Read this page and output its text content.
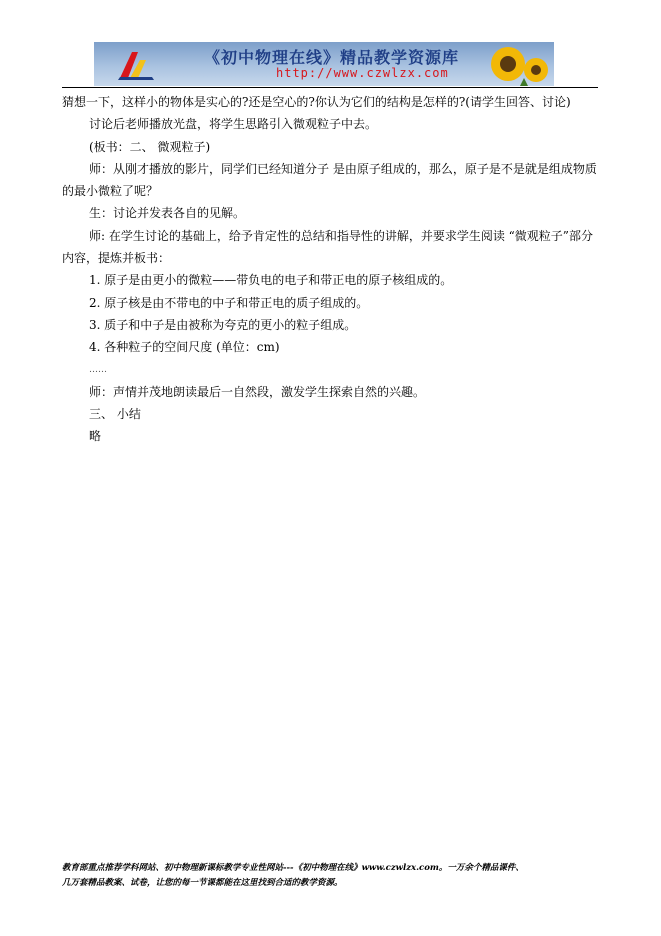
《初中物理在线》精品教学资源库
http://www.czwlzx.com

猜想一下，这样小的物体是实心的?还是空心的?你认为它们的结构是怎样的?(请学生回答、讨论)

讨论后老师播放光盘，将学生思路引入微观粒子中去。

(板书：二、 微观粒子)

师：从刚才播放的影片，同学们已经知道分子 是由原子组成的，那么，原子是不是就是组成物质的最小微粒了呢？

生：讨论并发表各自的见解。

师: 在学生讨论的基础上，给予肯定性的总结和指导性的讲解，并要求学生阅读 “微观粒子”部分内容，提炼并板书：

1. 原子是由更小的微粒——带负电的电子和带正电的原子核组成的。

2. 原子核是由不带电的中子和带正电的质子组成的。

3. 质子和中子是由被称为夸克的更小的粒子组成。

4. 各种粒子的空间尺度 (单位：cm)

……

师：声情并茂地朗读最后一自然段，激发学生探索自然的兴趣。

三、 小结

略

教育部重点推荐学科网站、初中物理新课标教学专业性网站---《初中物理在线》www.czwlzx.com。一万余个精品课件、
几万套精品教案、试卷，让您的每一节课都能在这里找到合适的教学资源。
